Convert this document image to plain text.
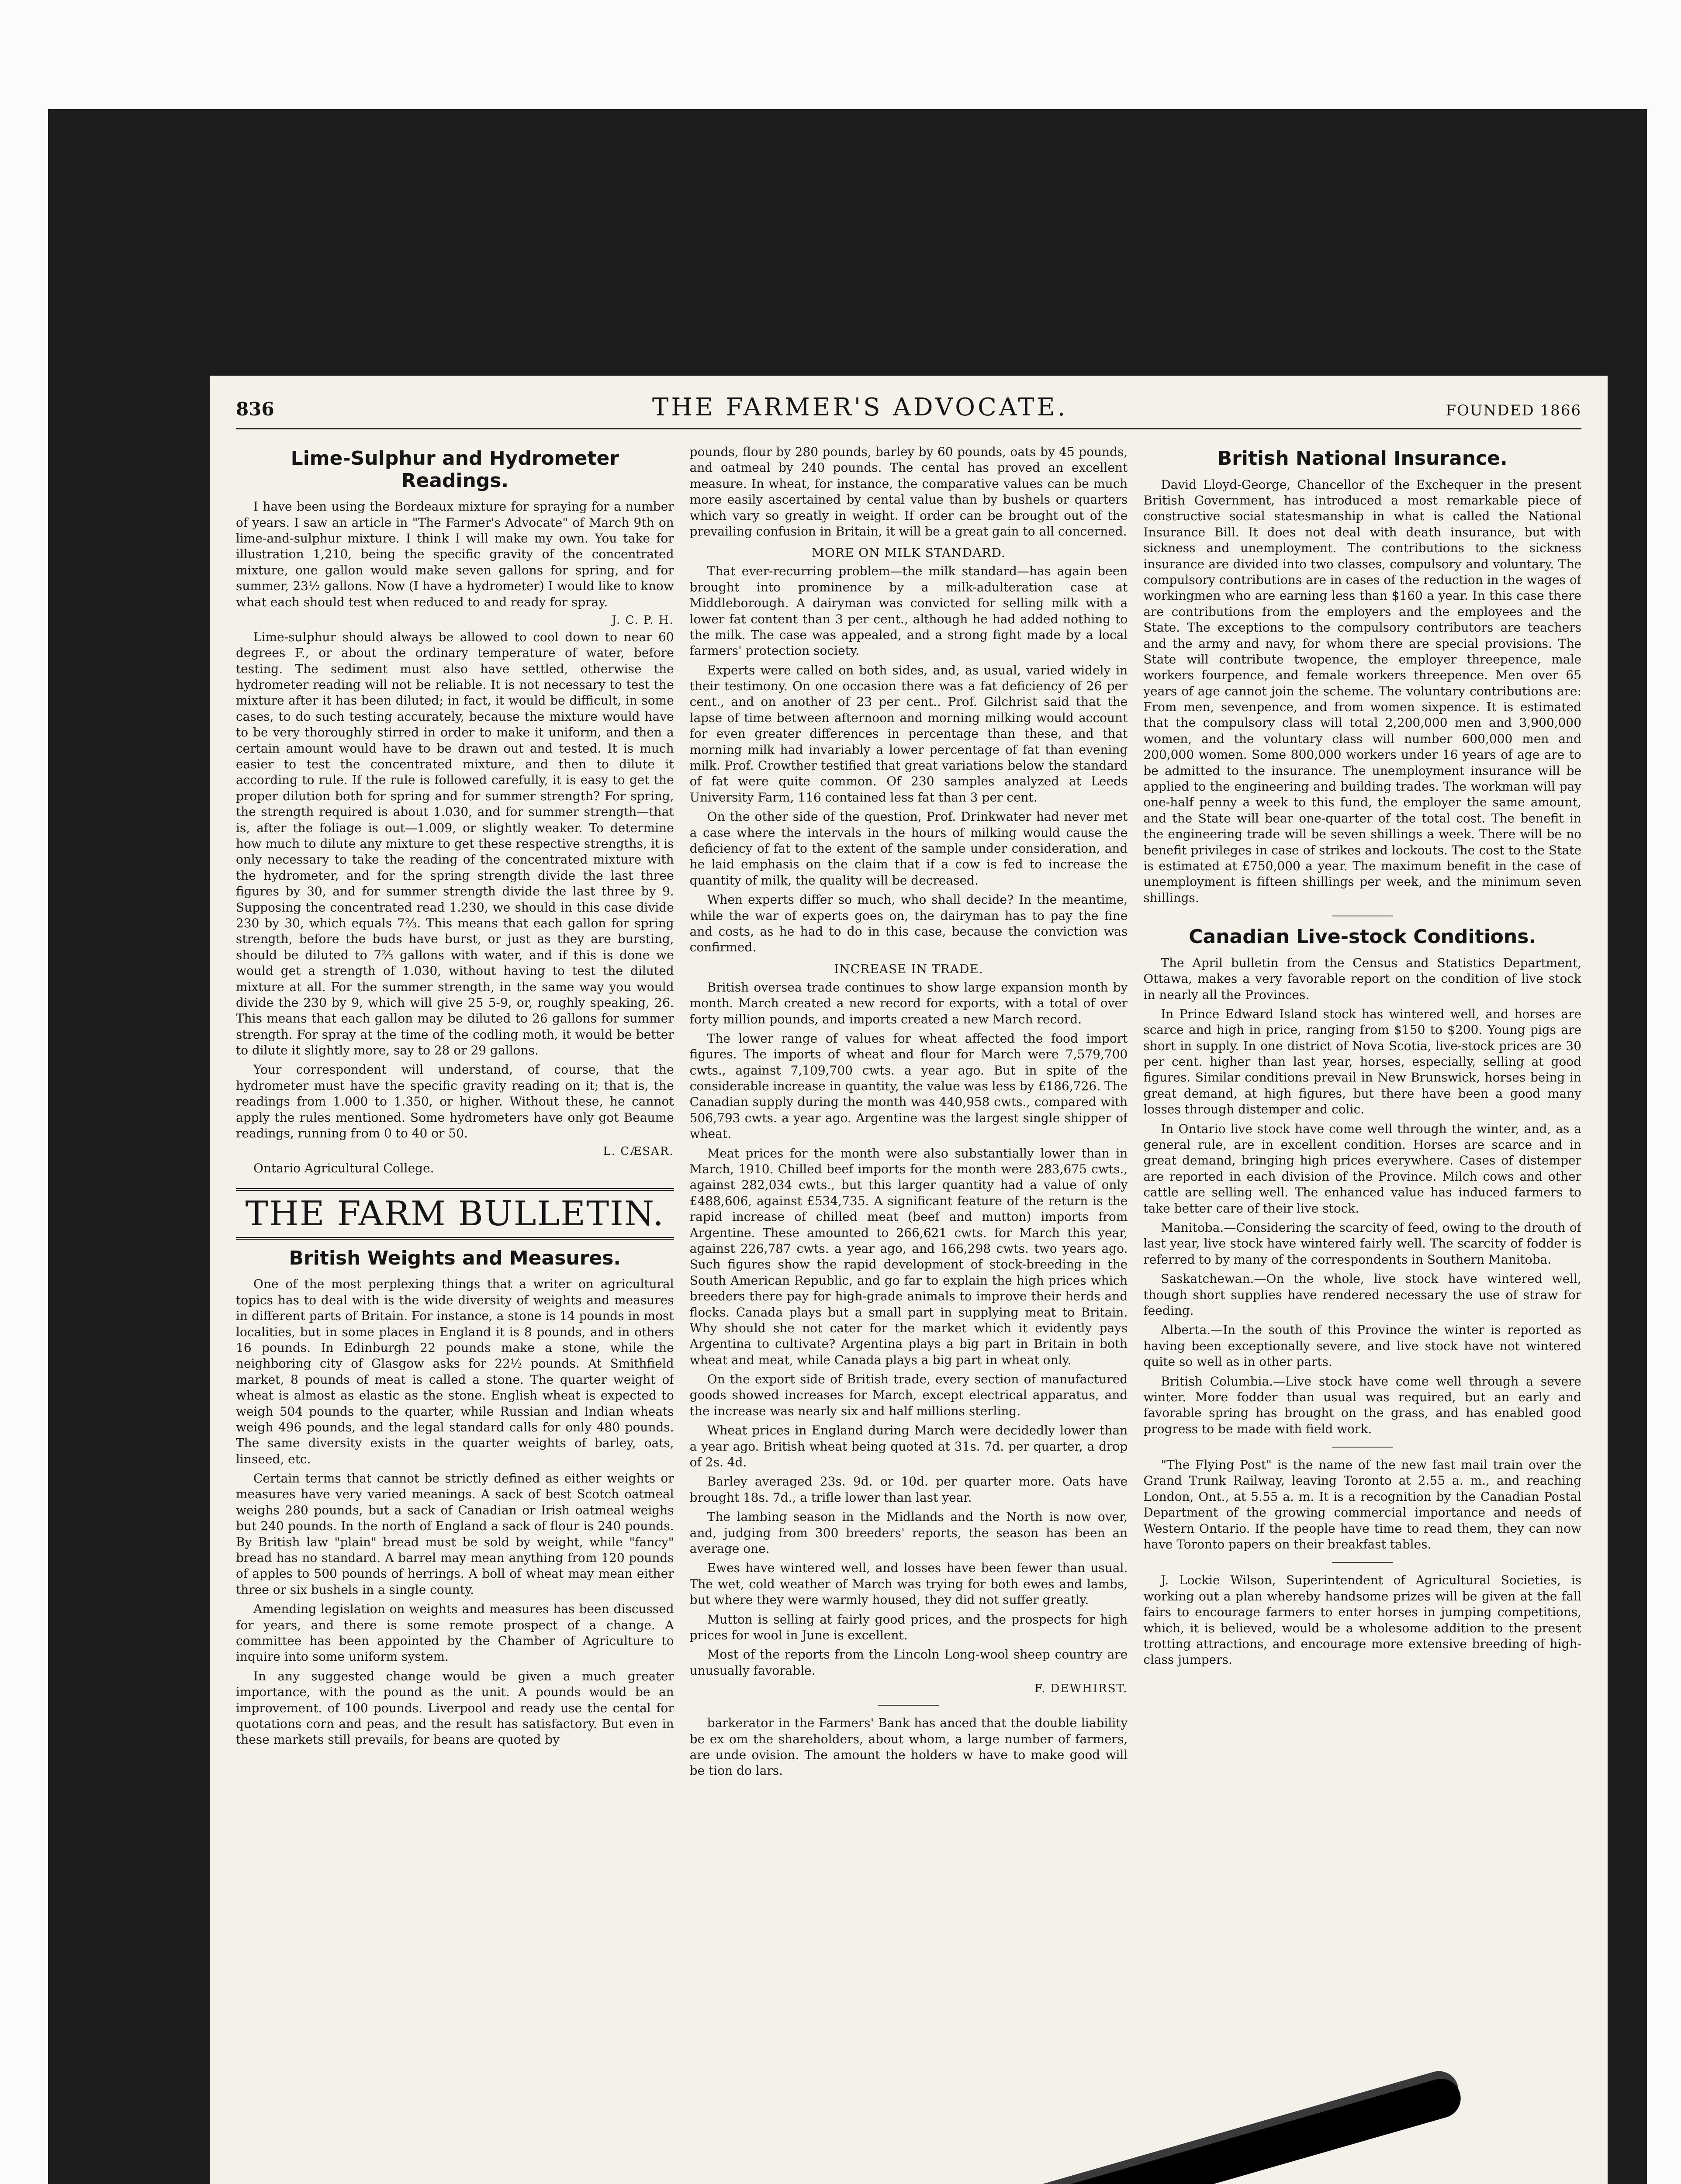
836	THE FARMER'S ADVOCATE.	FOUNDED 1866
Lime-Sulphur and Hydrometer Readings.

I have been using the Bordeaux mixture for spraying for a number of years. I saw an article in "The Farmer's Advocate" of March 9th on lime-and-sulphur mixture. I think I will make my own. You take for illustration 1,210, being the specific gravity of the concentrated mixture, one gallon would make seven gallons for spring, and for summer, 23½ gallons. Now (I have a hydrometer) I would like to know what each should test when reduced to and ready for spray.

J. C. P. H.

Lime-sulphur should always be allowed to cool down to near 60 degrees F., or about the ordinary temperature of water, before testing. The sediment must also have settled, otherwise the hydrometer reading will not be reliable. It is not necessary to test the mixture after it has been diluted; in fact, it would be difficult, in some cases, to do such testing accurately, because the mixture would have to be very thoroughly stirred in order to make it uniform, and then a certain amount would have to be drawn out and tested. It is much easier to test the concentrated mixture, and then to dilute it according to rule. If the rule is followed carefully, it is easy to get the proper dilution both for spring and for summer strength? For spring, the strength required is about 1.030, and for summer strength—that is, after the foliage is out—1.009, or slightly weaker. To determine how much to dilute any mixture to get these respective strengths, it is only necessary to take the reading of the concentrated mixture with the hydrometer, and for the spring strength divide the last three figures by 30, and for summer strength divide the last three by 9. Supposing the concentrated read 1.230, we should in this case divide 230 by 30, which equals 7⅔. This means that each gallon for spring strength, before the buds have burst, or just as they are bursting, should be diluted to 7⅔ gallons with water, and if this is done we would get a strength of 1.030, without having to test the diluted mixture at all. For the summer strength, in the same way you would divide the 230 by 9, which will give 25 5-9, or, roughly speaking, 26. This means that each gallon may be diluted to 26 gallons for summer strength. For spray at the time of the codling moth, it would be better to dilute it slightly more, say to 28 or 29 gallons.

Your correspondent will understand, of course, that the hydrometer must have the specific gravity reading on it; that is, the readings from 1.000 to 1.350, or higher. Without these, he cannot apply the rules mentioned. Some hydrometers have only got Beaume readings, running from 0 to 40 or 50.

L. CÆSAR.

Ontario Agricultural College.

THE FARM BULLETIN.
British Weights and Measures.

One of the most perplexing things that a writer on agricultural topics has to deal with is the wide diversity of weights and measures in different parts of Britain. For instance, a stone is 14 pounds in most localities, but in some places in England it is 8 pounds, and in others 16 pounds. In Edinburgh 22 pounds make a stone, while the neighboring city of Glasgow asks for 22½ pounds. At Smithfield market, 8 pounds of meat is called a stone. The quarter weight of wheat is almost as elastic as the stone. English wheat is expected to weigh 504 pounds to the quarter, while Russian and Indian wheats weigh 496 pounds, and the legal standard calls for only 480 pounds. The same diversity exists in the quarter weights of barley, oats, linseed, etc.

Certain terms that cannot be strictly defined as either weights or measures have very varied meanings. A sack of best Scotch oatmeal weighs 280 pounds, but a sack of Canadian or Irish oatmeal weighs but 240 pounds. In the north of England a sack of flour is 240 pounds. By British law "plain" bread must be sold by weight, while "fancy" bread has no standard. A barrel may mean anything from 120 pounds of apples to 500 pounds of herrings. A boll of wheat may mean either three or six bushels in a single county.

Amending legislation on weights and measures has been discussed for years, and there is some remote prospect of a change. A committee has been appointed by the Chamber of Agriculture to inquire into some uniform system.

In any suggested change would be given a much greater importance, with the pound as the unit. A pounds would be an improvement. of 100 pounds. Liverpool and ready use the cental for quotations corn and peas, and the result has satisfactory. But even in these markets still prevails, for beans are quoted by

pounds, flour by 280 pounds, barley by 60 pounds, oats by 45 pounds, and oatmeal by 240 pounds. The cental has proved an excellent measure. In wheat, for instance, the comparative values can be much more easily ascertained by cental value than by bushels or quarters which vary so greatly in weight. If order can be brought out of the prevailing confusion in Britain, it will be a great gain to all concerned.

MORE ON MILK STANDARD.

That ever-recurring problem—the milk standard—has again been brought into prominence by a milk-adulteration case at Middleborough. A dairyman was convicted for selling milk with a lower fat content than 3 per cent., although he had added nothing to the milk. The case was appealed, and a strong fight made by a local farmers' protection society.

Experts were called on both sides, and, as usual, varied widely in their testimony. On one occasion there was a fat deficiency of 26 per cent., and on another of 23 per cent.. Prof. Gilchrist said that the lapse of time between afternoon and morning milking would account for even greater differences in percentage than these, and that morning milk had invariably a lower percentage of fat than evening milk. Prof. Crowther testified that great variations below the standard of fat were quite common. Of 230 samples analyzed at Leeds University Farm, 116 contained less fat than 3 per cent.

On the other side of the question, Prof. Drinkwater had never met a case where the intervals in the hours of milking would cause the deficiency of fat to the extent of the sample under consideration, and he laid emphasis on the claim that if a cow is fed to increase the quantity of milk, the quality will be decreased.

When experts differ so much, who shall decide? In the meantime, while the war of experts goes on, the dairyman has to pay the fine and costs, as he had to do in this case, because the conviction was confirmed.

INCREASE IN TRADE.

British oversea trade continues to show large expansion month by month. March created a new record for exports, with a total of over forty million pounds, and imports created a new March record.

The lower range of values for wheat affected the food import figures. The imports of wheat and flour for March were 7,579,700 cwts., against 7,109,700 cwts. a year ago. But in spite of the considerable increase in quantity, the value was less by £186,726. The Canadian supply during the month was 440,958 cwts., compared with 506,793 cwts. a year ago. Argentine was the largest single shipper of wheat.

Meat prices for the month were also substantially lower than in March, 1910. Chilled beef imports for the month were 283,675 cwts., against 282,034 cwts., but this larger quantity had a value of only £488,606, against £534,735. A significant feature of the return is the rapid increase of chilled meat (beef and mutton) imports from Argentine. These amounted to 266,621 cwts. for March this year, against 226,787 cwts. a year ago, and 166,298 cwts. two years ago. Such figures show the rapid development of stock-breeding in the South American Republic, and go far to explain the high prices which breeders there pay for high-grade animals to improve their herds and flocks. Canada plays but a small part in supplying meat to Britain. Why should she not cater for the market which it evidently pays Argentina to cultivate? Argentina plays a big part in Britain in both wheat and meat, while Canada plays a big part in wheat only.

On the export side of British trade, every section of manufactured goods showed increases for March, except electrical apparatus, and the increase was nearly six and half millions sterling.

Wheat prices in England during March were decidedly lower than a year ago. British wheat being quoted at 31s. 7d. per quarter, a drop of 2s. 4d.

Barley averaged 23s. 9d. or 10d. per quarter more. Oats have brought 18s. 7d., a trifle lower than last year.

The lambing season in the Midlands and the North is now over, and, judging from 300 breeders' reports, the season has been an average one.

Ewes have wintered well, and losses have been fewer than usual. The wet, cold weather of March was trying for both ewes and lambs, but where they were warmly housed, they did not suffer greatly.

Mutton is selling at fairly good prices, and the prospects for high prices for wool in June is excellent.

Most of the reports from the Lincoln Long-wool sheep country are unusually favorable.

F. DEWHIRST.

barkerator in the Farmers' Bank has anced that the double liability be ex om the shareholders, about whom, a large number of farmers, are unde ovision. The amount the holders w have to make good will be tion do lars.

British National Insurance.

David Lloyd-George, Chancellor of the Exchequer in the present British Government, has introduced a most remarkable piece of constructive social statesmanship in what is called the National Insurance Bill. It does not deal with death insurance, but with sickness and unemployment. The contributions to the sickness insurance are divided into two classes, compulsory and voluntary. The compulsory contributions are in cases of the reduction in the wages of workingmen who are earning less than $160 a year. In this case there are contributions from the employers and the employees and the State. The exceptions to the compulsory contributors are teachers and the army and navy, for whom there are special provisions. The State will contribute twopence, the employer threepence, male workers fourpence, and female workers threepence. Men over 65 years of age cannot join the scheme. The voluntary contributions are: From men, sevenpence, and from women sixpence. It is estimated that the compulsory class will total 2,200,000 men and 3,900,000 women, and the voluntary class will number 600,000 men and 200,000 women. Some 800,000 workers under 16 years of age are to be admitted to the insurance. The unemployment insurance will be applied to the engineering and building trades. The workman will pay one-half penny a week to this fund, the employer the same amount, and the State will bear one-quarter of the total cost. The benefit in the engineering trade will be seven shillings a week. There will be no benefit privileges in case of strikes and lockouts. The cost to the State is estimated at £750,000 a year. The maximum benefit in the case of unemployment is fifteen shillings per week, and the minimum seven shillings.

Canadian Live-stock Conditions.

The April bulletin from the Census and Statistics Department, Ottawa, makes a very favorable report on the condition of live stock in nearly all the Provinces.

In Prince Edward Island stock has wintered well, and horses are scarce and high in price, ranging from $150 to $200. Young pigs are short in supply. In one district of Nova Scotia, live-stock prices are 30 per cent. higher than last year, horses, especially, selling at good figures. Similar conditions prevail in New Brunswick, horses being in great demand, at high figures, but there have been a good many losses through distemper and colic.

In Ontario live stock have come well through the winter, and, as a general rule, are in excellent condition. Horses are scarce and in great demand, bringing high prices everywhere. Cases of distemper are reported in each division of the Province. Milch cows and other cattle are selling well. The enhanced value has induced farmers to take better care of their live stock.

Manitoba.—Considering the scarcity of feed, owing to the drouth of last year, live stock have wintered fairly well. The scarcity of fodder is referred to by many of the correspondents in Southern Manitoba.

Saskatchewan.—On the whole, live stock have wintered well, though short supplies have rendered necessary the use of straw for feeding.

Alberta.—In the south of this Province the winter is reported as having been exceptionally severe, and live stock have not wintered quite so well as in other parts.

British Columbia.—Live stock have come well through a severe winter. More fodder than usual was required, but an early and favorable spring has brought on the grass, and has enabled good progress to be made with field work.

"The Flying Post" is the name of the new fast mail train over the Grand Trunk Railway, leaving Toronto at 2.55 a. m., and reaching London, Ont., at 5.55 a. m. It is a recognition by the Canadian Postal Department of the growing commercial importance and needs of Western Ontario. If the people have time to read them, they can now have Toronto papers on their breakfast tables.

J. Lockie Wilson, Superintendent of Agricultural Societies, is working out a plan whereby handsome prizes will be given at the fall fairs to encourage farmers to enter horses in jumping competitions, which, it is believed, would be a wholesome addition to the present trotting attractions, and encourage more extensive breeding of high-class jumpers.
